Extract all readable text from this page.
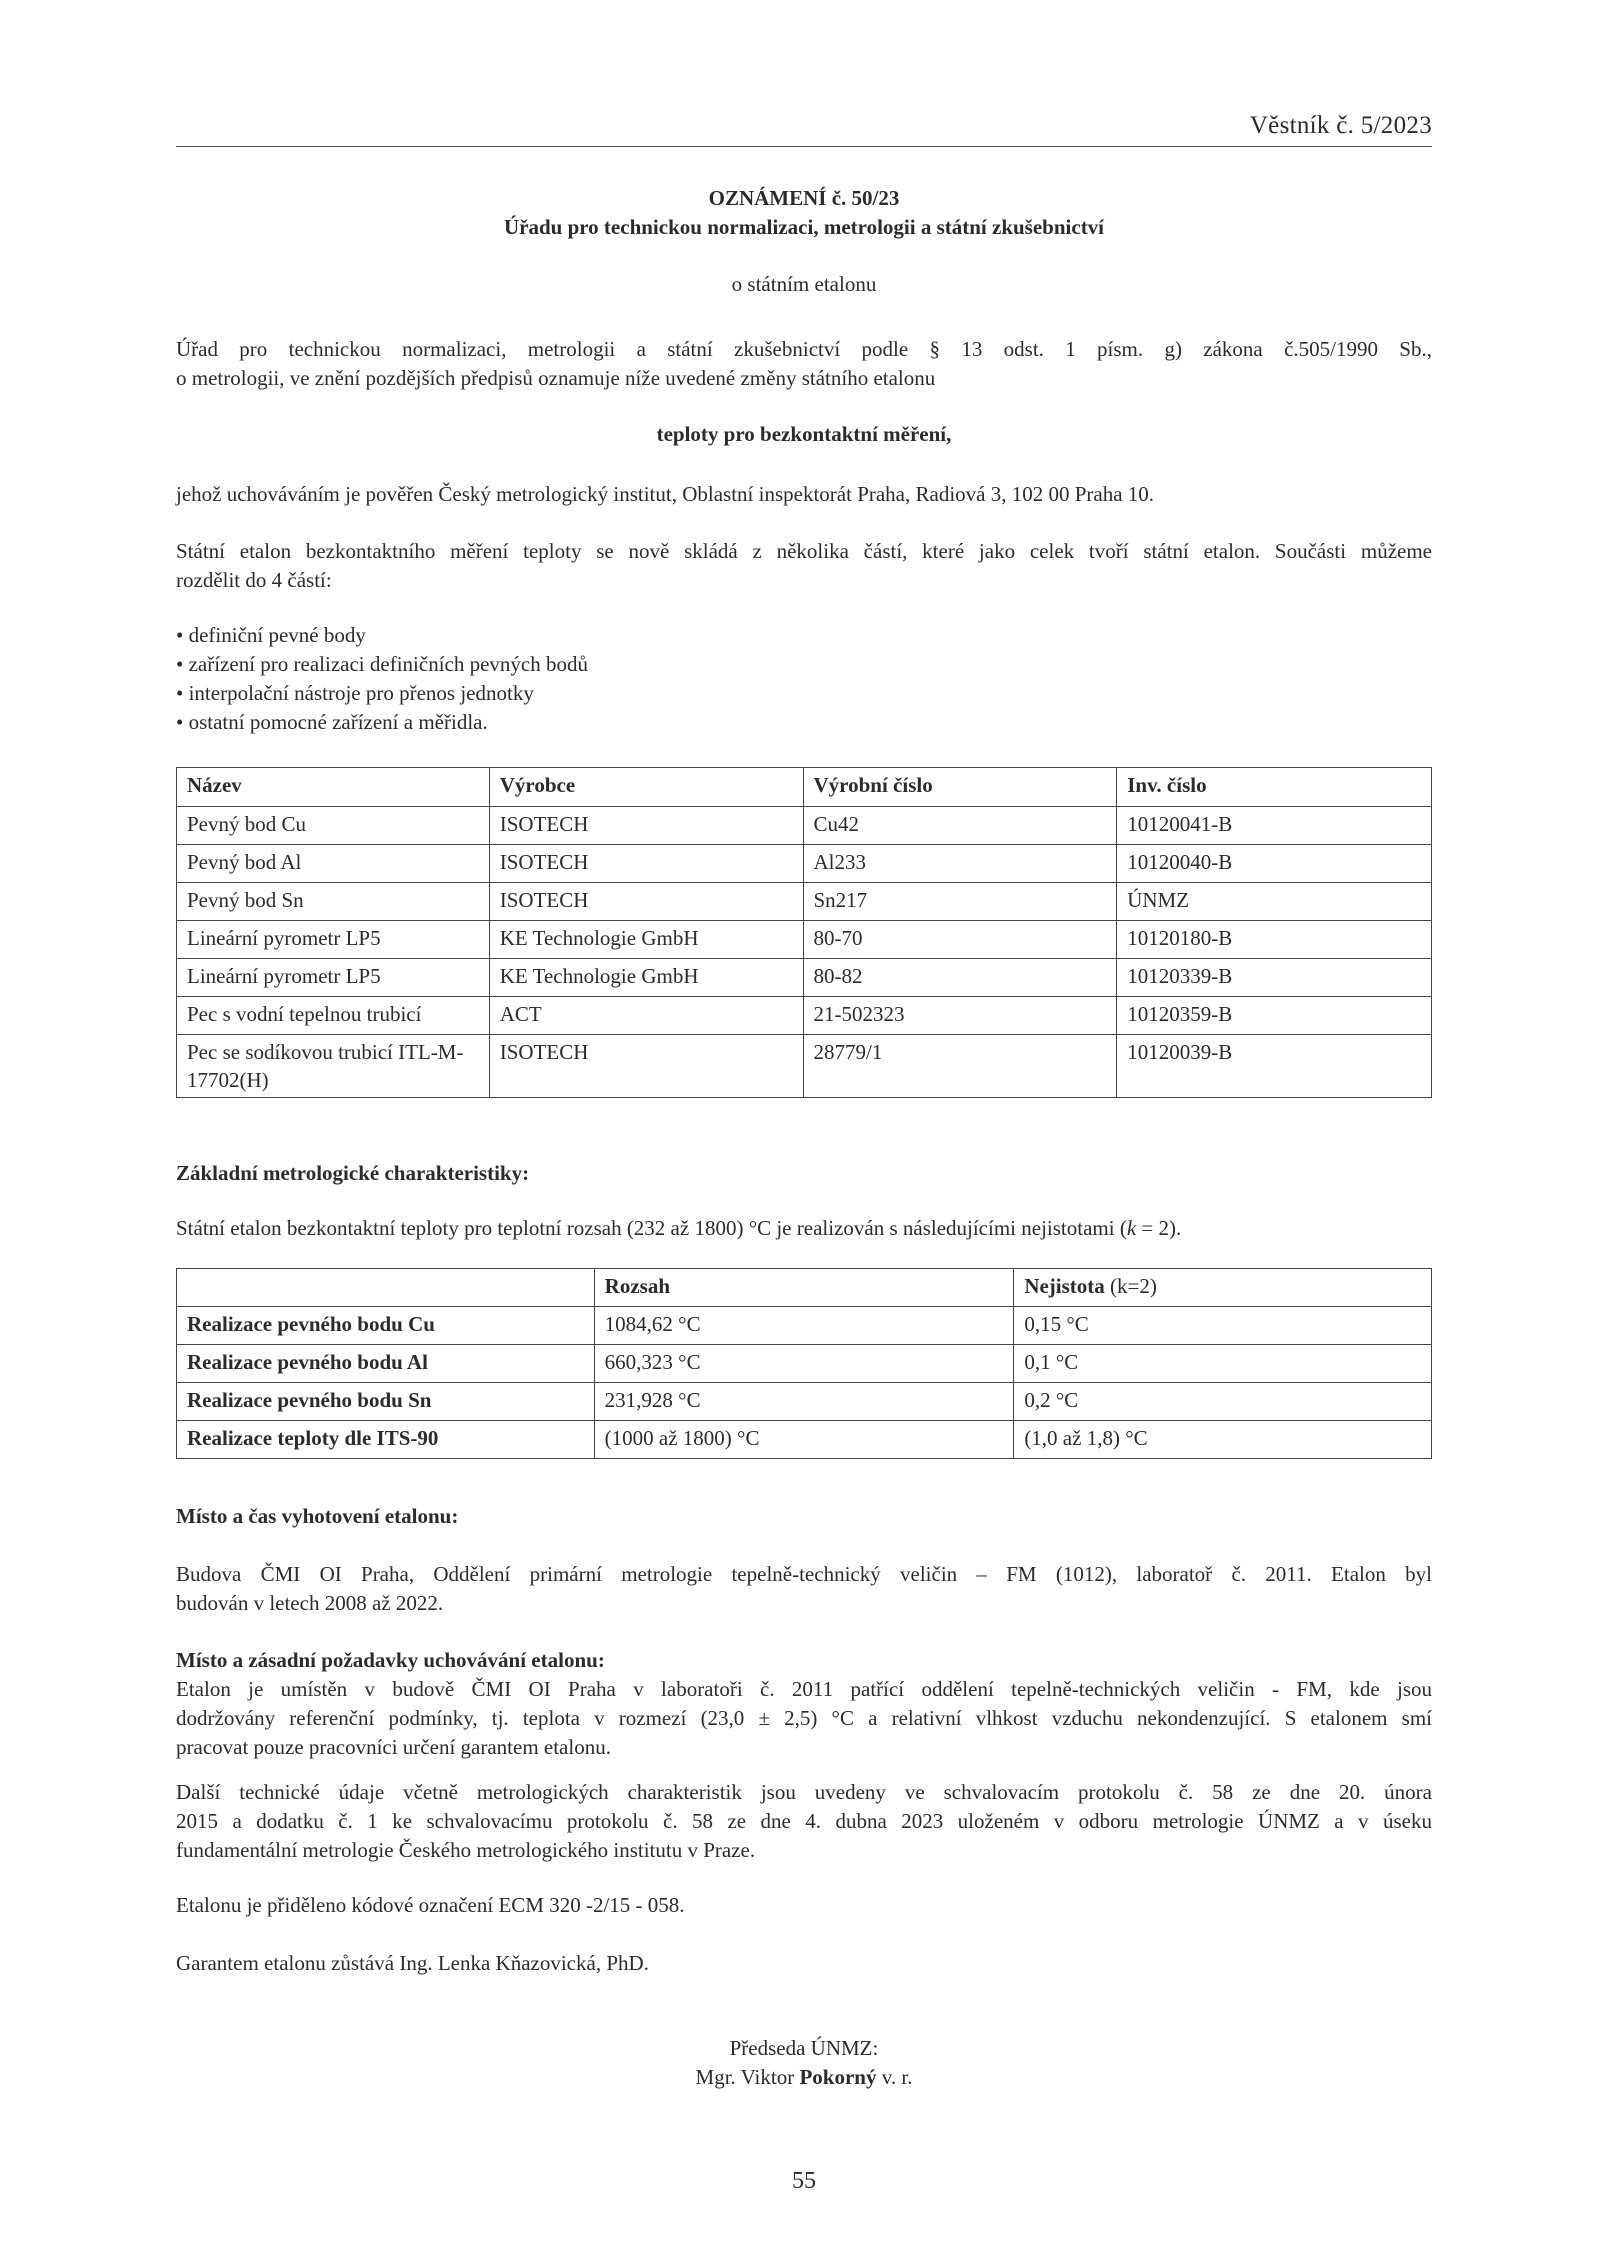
Věstník č. 5/2023
OZNÁMENÍ č. 50/23
Úřadu pro technickou normalizaci, metrologii a státní zkušebnictví
o státním etalonu
Úřad pro technickou normalizaci, metrologii a státní zkušebnictví podle § 13 odst. 1 písm. g) zákona č.505/1990 Sb.,
o metrologii, ve znění pozdějších předpisů oznamuje níže uvedené změny státního etalonu
teploty pro bezkontaktní měření,
jehož uchováváním je pověřen Český metrologický institut, Oblastní inspektorát Praha, Radiová 3, 102 00 Praha 10.
Státní etalon bezkontaktního měření teploty se nově skládá z několika částí, které jako celek tvoří státní etalon. Součásti můžeme
rozdělit do 4 částí:
• definiční pevné body
• zařízení pro realizaci definičních pevných bodů
• interpolační nástroje pro přenos jednotky
• ostatní pomocné zařízení a měřidla.
Název	Výrobce	Výrobní číslo	Inv. číslo
Pevný bod Cu	ISOTECH	Cu42	10120041-B
Pevný bod Al	ISOTECH	Al233	10120040-B
Pevný bod Sn	ISOTECH	Sn217	ÚNMZ
Lineární pyrometr LP5	KE Technologie GmbH	80-70	10120180-B
Lineární pyrometr LP5	KE Technologie GmbH	80-82	10120339-B
Pec s vodní tepelnou trubicí	ACT	21-502323	10120359-B
Pec se sodíkovou trubicí ITL-M-17702(H)	ISOTECH	28779/1	10120039-B
Základní metrologické charakteristiky:
Státní etalon bezkontaktní teploty pro teplotní rozsah (232 až 1800) °C je realizován s následujícími nejistotami (k = 2).
	Rozsah	Nejistota (k=2)
Realizace pevného bodu Cu	1084,62 °C	0,15 °C
Realizace pevného bodu Al	660,323 °C	0,1 °C
Realizace pevného bodu Sn	231,928 °C	0,2 °C
Realizace teploty dle ITS-90	(1000 až 1800) °C	(1,0 až 1,8) °C
Místo a čas vyhotovení etalonu:
Budova ČMI OI Praha, Oddělení primární metrologie tepelně-technický veličin – FM (1012), laboratoř č. 2011. Etalon byl
budován v letech 2008 až 2022.
Místo a zásadní požadavky uchovávání etalonu:
Etalon je umístěn v budově ČMI OI Praha v laboratoři č. 2011 patřící oddělení tepelně-technických veličin - FM, kde jsou
dodržovány referenční podmínky, tj. teplota v rozmezí (23,0 ± 2,5) °C a relativní vlhkost vzduchu nekondenzující. S etalonem smí
pracovat pouze pracovníci určení garantem etalonu.
Další technické údaje včetně metrologických charakteristik jsou uvedeny ve schvalovacím protokolu č. 58 ze dne 20. února
2015 a dodatku č. 1 ke schvalovacímu protokolu č. 58 ze dne 4. dubna 2023 uloženém v odboru metrologie ÚNMZ a v úseku
fundamentální metrologie Českého metrologického institutu v Praze.
Etalonu je přiděleno kódové označení ECM 320 -2/15 - 058.
Garantem etalonu zůstává Ing. Lenka Kňazovická, PhD.
Předseda ÚNMZ:
Mgr. Viktor Pokorný v. r.
55
